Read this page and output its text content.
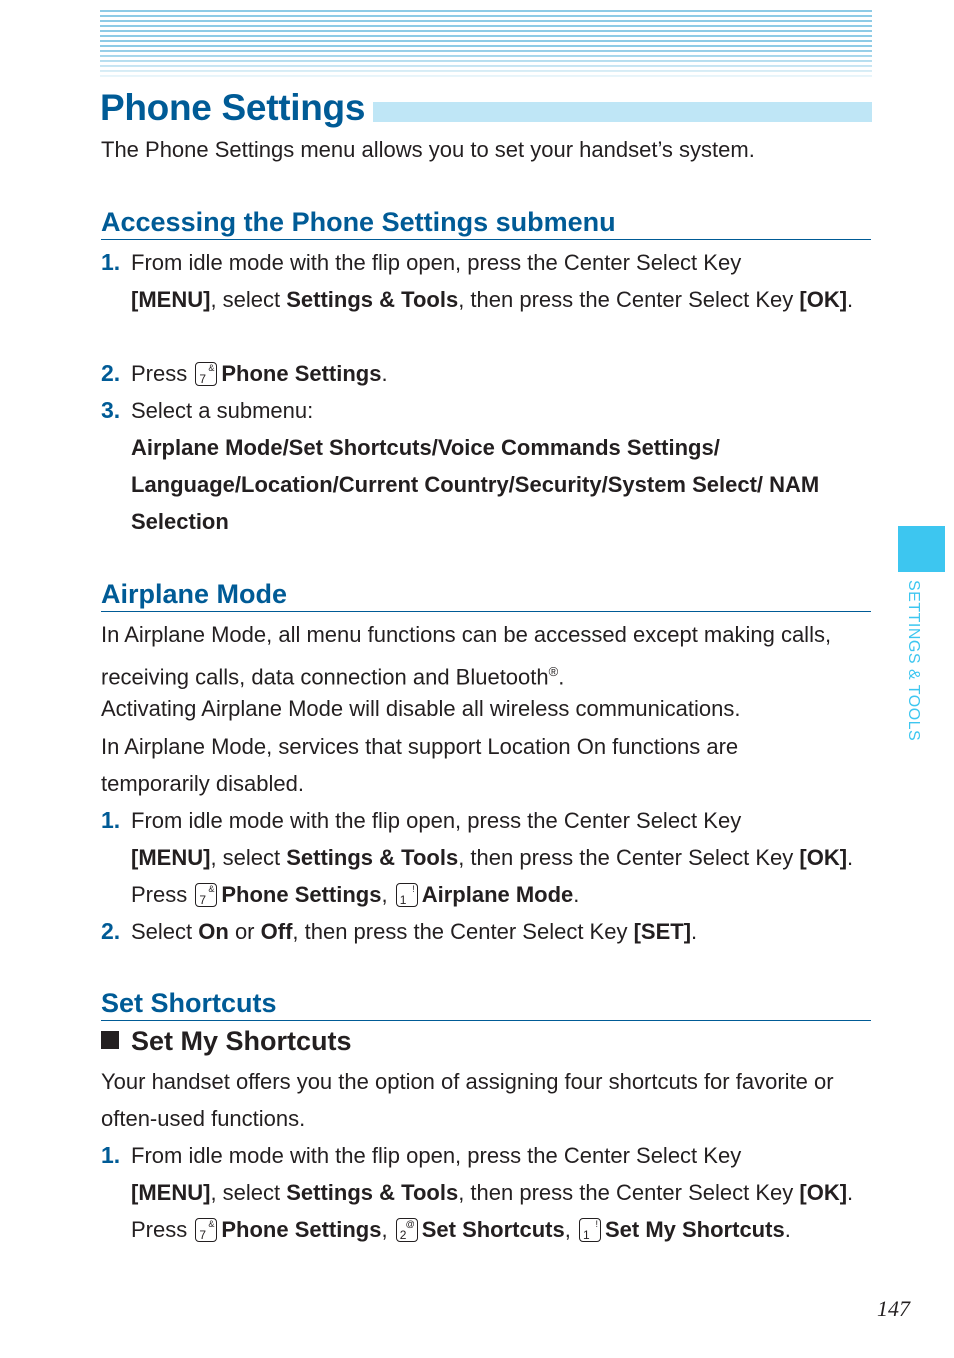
Phone Settings

The Phone Settings menu allows you to set your handset’s system.

Accessing the Phone Settings submenu
1. From idle mode with the flip open, press the Center Select Key
[MENU], select Settings & Tools, then press the Center Select Key [OK].
2. Press 7
& Phone Settings.
3. Select a submenu:

Airplane Mode/Set Shortcuts/Voice Commands Settings/ Language/Location/Current Country/Security/System Select/ NAM Selection
Airplane Mode

In Airplane Mode, all menu functions can be accessed except making calls, receiving calls, data connection and Bluetooth®.

Activating Airplane Mode will disable all wireless communications.

In Airplane Mode, services that support Location On functions are temporarily disabled.

1. From idle mode with the flip open, press the Center Select Key
[MENU], select Settings & Tools, then press the Center Select Key [OK]. Press 7
& Phone Settings, 1
! Airplane Mode.
2. Select On or Off, then press the Center Select Key [SET].
Set Shortcuts
Set My Shortcuts

Your handset offers you the option of assigning four shortcuts for favorite or often-used functions.

1. From idle mode with the flip open, press the Center Select Key
[MENU], select Settings & Tools, then press the Center Select Key [OK]. Press 7
& Phone Settings, 2
@ Set Shortcuts, 1
! Set My Shortcuts.
SETTINGS & TOOLS
147
